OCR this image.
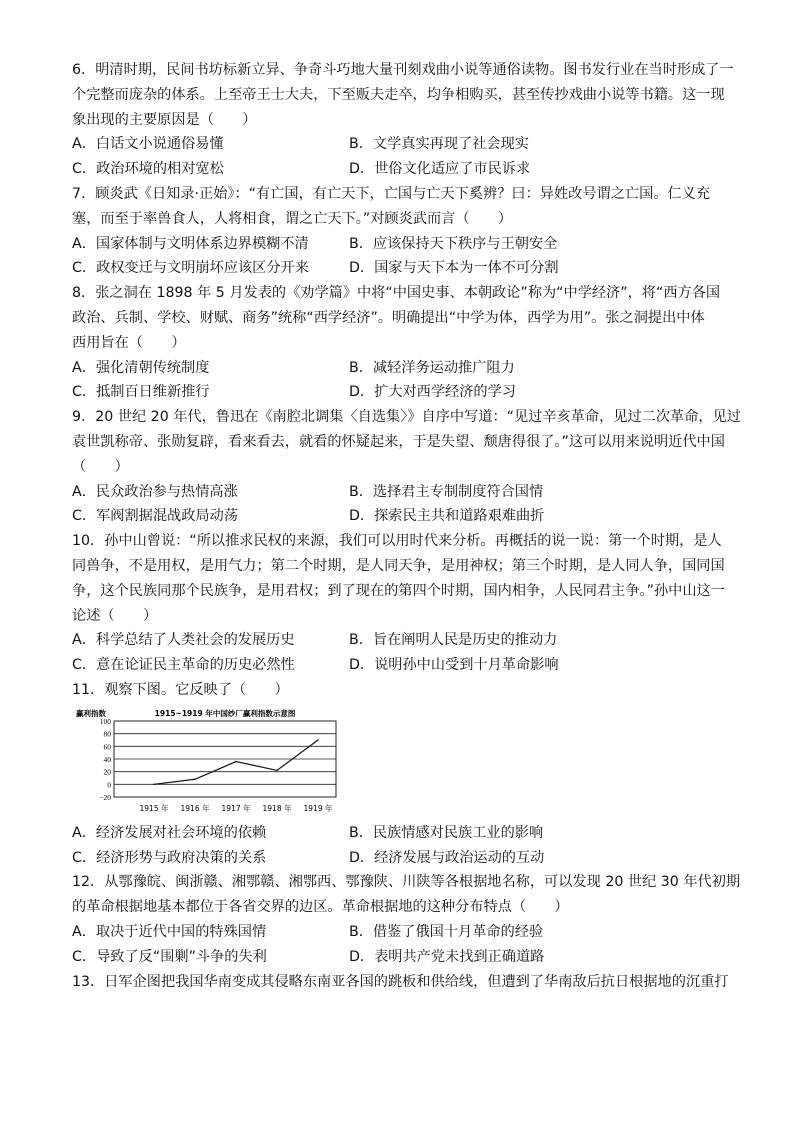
6．明清时期，民间书坊标新立异、争奇斗巧地大量刊刻戏曲小说等通俗读物。图书发行业在当时形成了一
个完整而庞杂的体系。上至帝王士大夫，下至贩夫走卒，均争相购买，甚至传抄戏曲小说等书籍。这一现
象出现的主要原因是（　　）
A．白话文小说通俗易懂	B．文学真实再现了社会现实
C．政治环境的相对宽松	D．世俗文化适应了市民诉求
7．顾炎武《日知录·正始》：“有亡国，有亡天下，亡国与亡天下奚辨？曰：异姓改号谓之亡国。仁义充
塞，而至于率兽食人，人将相食，谓之亡天下。”对顾炎武而言（　　）
A．国家体制与文明体系边界模糊不清	B．应该保持天下秩序与王朝安全
C．政权变迁与文明崩坏应该区分开来	D．国家与天下本为一体不可分割
8．张之洞在 1898 年 5 月发表的《劝学篇》中将“中国史事、本朝政论”称为“中学经济”，将“西方各国
政治、兵制、学校、财赋、商务”统称“西学经济”。明确提出“中学为体，西学为用”。张之洞提出中体
西用旨在（　　）
A．强化清朝传统制度	B．减轻洋务运动推广阻力
C．抵制百日维新推行	D．扩大对西学经济的学习
9．20 世纪 20 年代，鲁迅在《南腔北调集〈自选集〉》自序中写道：“见过辛亥革命，见过二次革命，见过
袁世凯称帝、张勋复辟，看来看去，就看的怀疑起来，于是失望、颓唐得很了。”这可以用来说明近代中国
（　　）
A．民众政治参与热情高涨	B．选择君主专制制度符合国情
C．军阀割据混战政局动荡	D．探索民主共和道路艰难曲折
10．孙中山曾说：“所以推求民权的来源，我们可以用时代来分析。再概括的说一说：第一个时期，是人
同兽争，不是用权，是用气力；第二个时期，是人同天争，是用神权；第三个时期，是人同人争，国同国
争，这个民族同那个民族争，是用君权；到了现在的第四个时期，国内相争，人民同君主争。”孙中山这一
论述（　　）
A．科学总结了人类社会的发展历史	B．旨在阐明人民是历史的推动力
C．意在论证民主革命的历史必然性	D．说明孙中山受到十月革命影响
11．观察下图。它反映了（　　）
100
80
60
40
20
0
−20
赢利指数	1915~1919 年中国纱厂赢利指数示意图
1915 年 1916 年 1917 年 1918 年 1919 年
A．经济发展对社会环境的依赖	B．民族情感对民族工业的影响
C．经济形势与政府决策的关系	D．经济发展与政治运动的互动
12．从鄂豫皖、闽浙赣、湘鄂赣、湘鄂西、鄂豫陕、川陕等各根据地名称，可以发现 20 世纪 30 年代初期
的革命根据地基本都位于各省交界的边区。革命根据地的这种分布特点（　　）
A．取决于近代中国的特殊国情	B．借鉴了俄国十月革命的经验
C．导致了反“围剿”斗争的失利	D．表明共产党未找到正确道路
13．日军企图把我国华南变成其侵略东南亚各国的跳板和供给线，但遭到了华南敌后抗日根据地的沉重打
